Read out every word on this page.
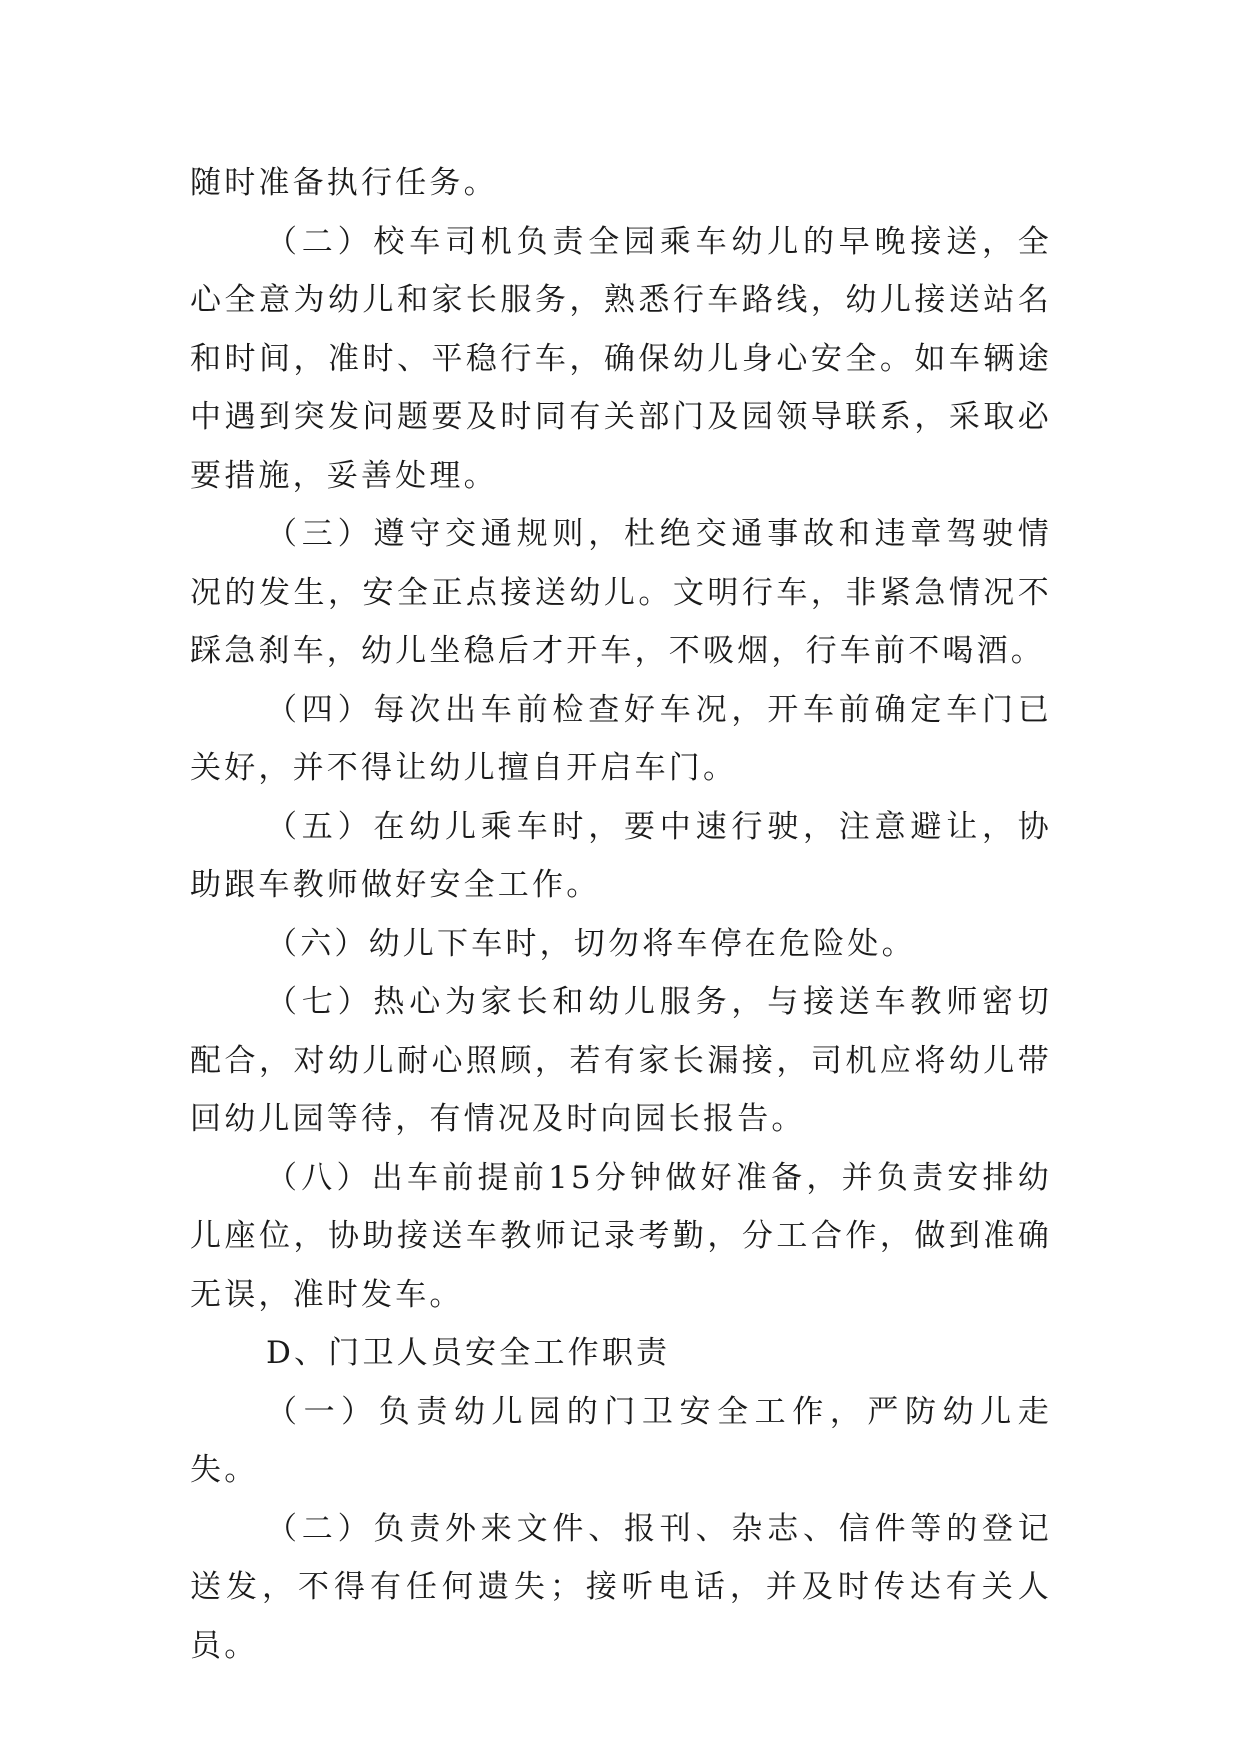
随时准备执行任务。

（二）校车司机负责全园乘车幼儿的早晚接送，全心全意为幼儿和家长服务，熟悉行车路线，幼儿接送站名和时间，准时、平稳行车，确保幼儿身心安全。如车辆途中遇到突发问题要及时同有关部门及园领导联系，采取必要措施，妥善处理。

（三）遵守交通规则，杜绝交通事故和违章驾驶情况的发生，安全正点接送幼儿。文明行车，非紧急情况不踩急刹车，幼儿坐稳后才开车，不吸烟，行车前不喝酒。

（四）每次出车前检查好车况，开车前确定车门已关好，并不得让幼儿擅自开启车门。

（五）在幼儿乘车时，要中速行驶，注意避让，协助跟车教师做好安全工作。

（六）幼儿下车时，切勿将车停在危险处。

（七）热心为家长和幼儿服务，与接送车教师密切配合，对幼儿耐心照顾，若有家长漏接，司机应将幼儿带回幼儿园等待，有情况及时向园长报告。

（八）出车前提前15分钟做好准备，并负责安排幼儿座位，协助接送车教师记录考勤，分工合作，做到准确无误，准时发车。

D、门卫人员安全工作职责

（一）负责幼儿园的门卫安全工作，严防幼儿走失。

（二）负责外来文件、报刊、杂志、信件等的登记送发，不得有任何遗失；接听电话，并及时传达有关人员。
